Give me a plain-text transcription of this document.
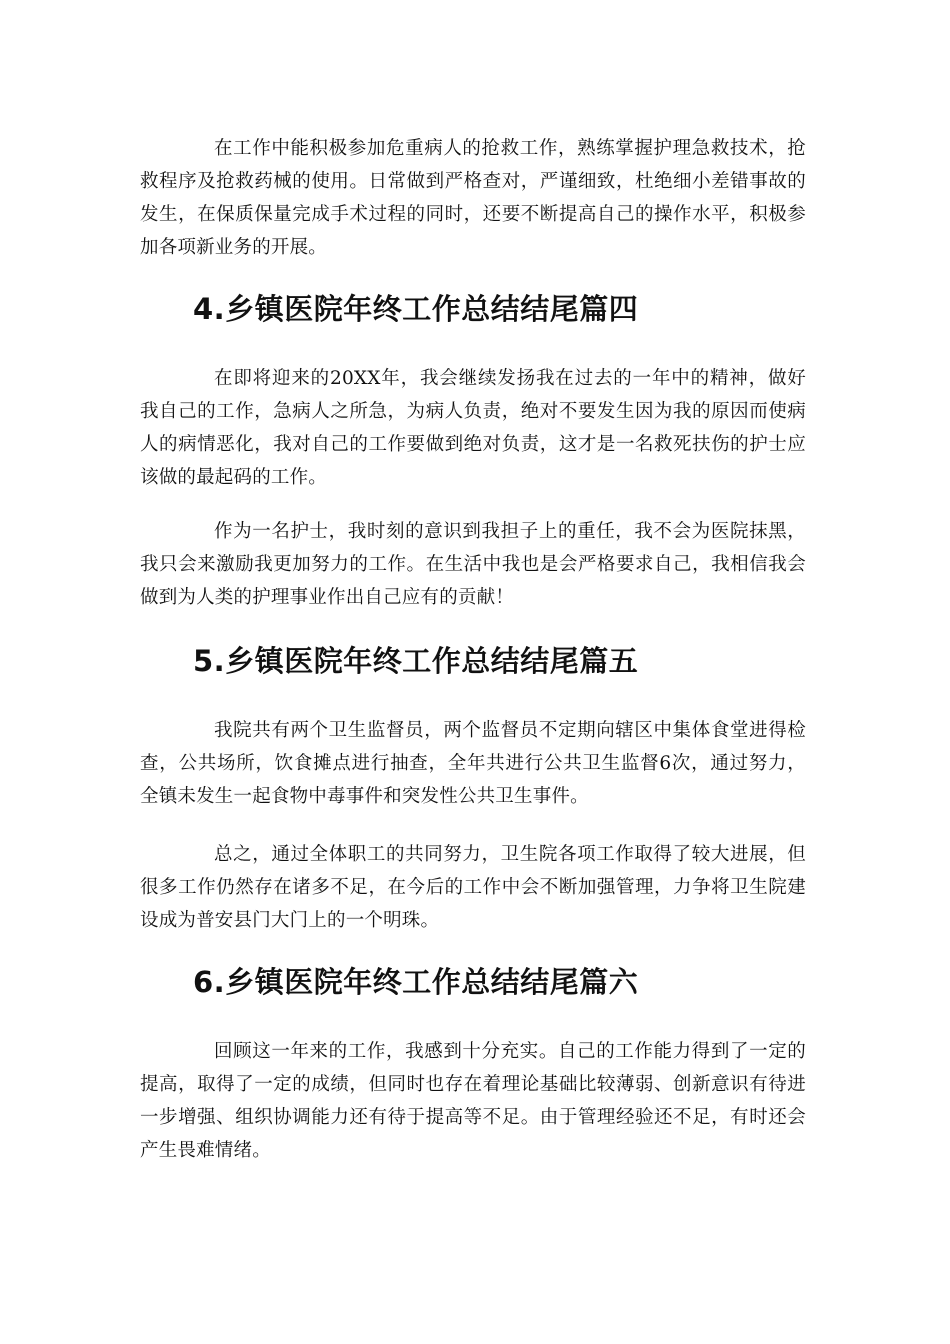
在工作中能积极参加危重病人的抢救工作，熟练掌握护理急救技术，抢救程序及抢救药械的使用。日常做到严格查对，严谨细致，杜绝细小差错事故的发生，在保质保量完成手术过程的同时，还要不断提高自己的操作水平，积极参加各项新业务的开展。

4.乡镇医院年终工作总结结尾篇四

在即将迎来的20XX年，我会继续发扬我在过去的一年中的精神，做好我自己的工作，急病人之所急，为病人负责，绝对不要发生因为我的原因而使病人的病情恶化，我对自己的工作要做到绝对负责，这才是一名救死扶伤的护士应该做的最起码的工作。

作为一名护士，我时刻的意识到我担子上的重任，我不会为医院抹黑，我只会来激励我更加努力的工作。在生活中我也是会严格要求自己，我相信我会做到为人类的护理事业作出自己应有的贡献！

5.乡镇医院年终工作总结结尾篇五

我院共有两个卫生监督员，两个监督员不定期向辖区中集体食堂进得检查，公共场所，饮食摊点进行抽查，全年共进行公共卫生监督6次，通过努力，全镇未发生一起食物中毒事件和突发性公共卫生事件。

总之，通过全体职工的共同努力，卫生院各项工作取得了较大进展，但很多工作仍然存在诸多不足，在今后的工作中会不断加强管理，力争将卫生院建设成为普安县门大门上的一个明珠。

6.乡镇医院年终工作总结结尾篇六

回顾这一年来的工作，我感到十分充实。自己的工作能力得到了一定的提高，取得了一定的成绩，但同时也存在着理论基础比较薄弱、创新意识有待进一步增强、组织协调能力还有待于提高等不足。由于管理经验还不足，有时还会产生畏难情绪。
